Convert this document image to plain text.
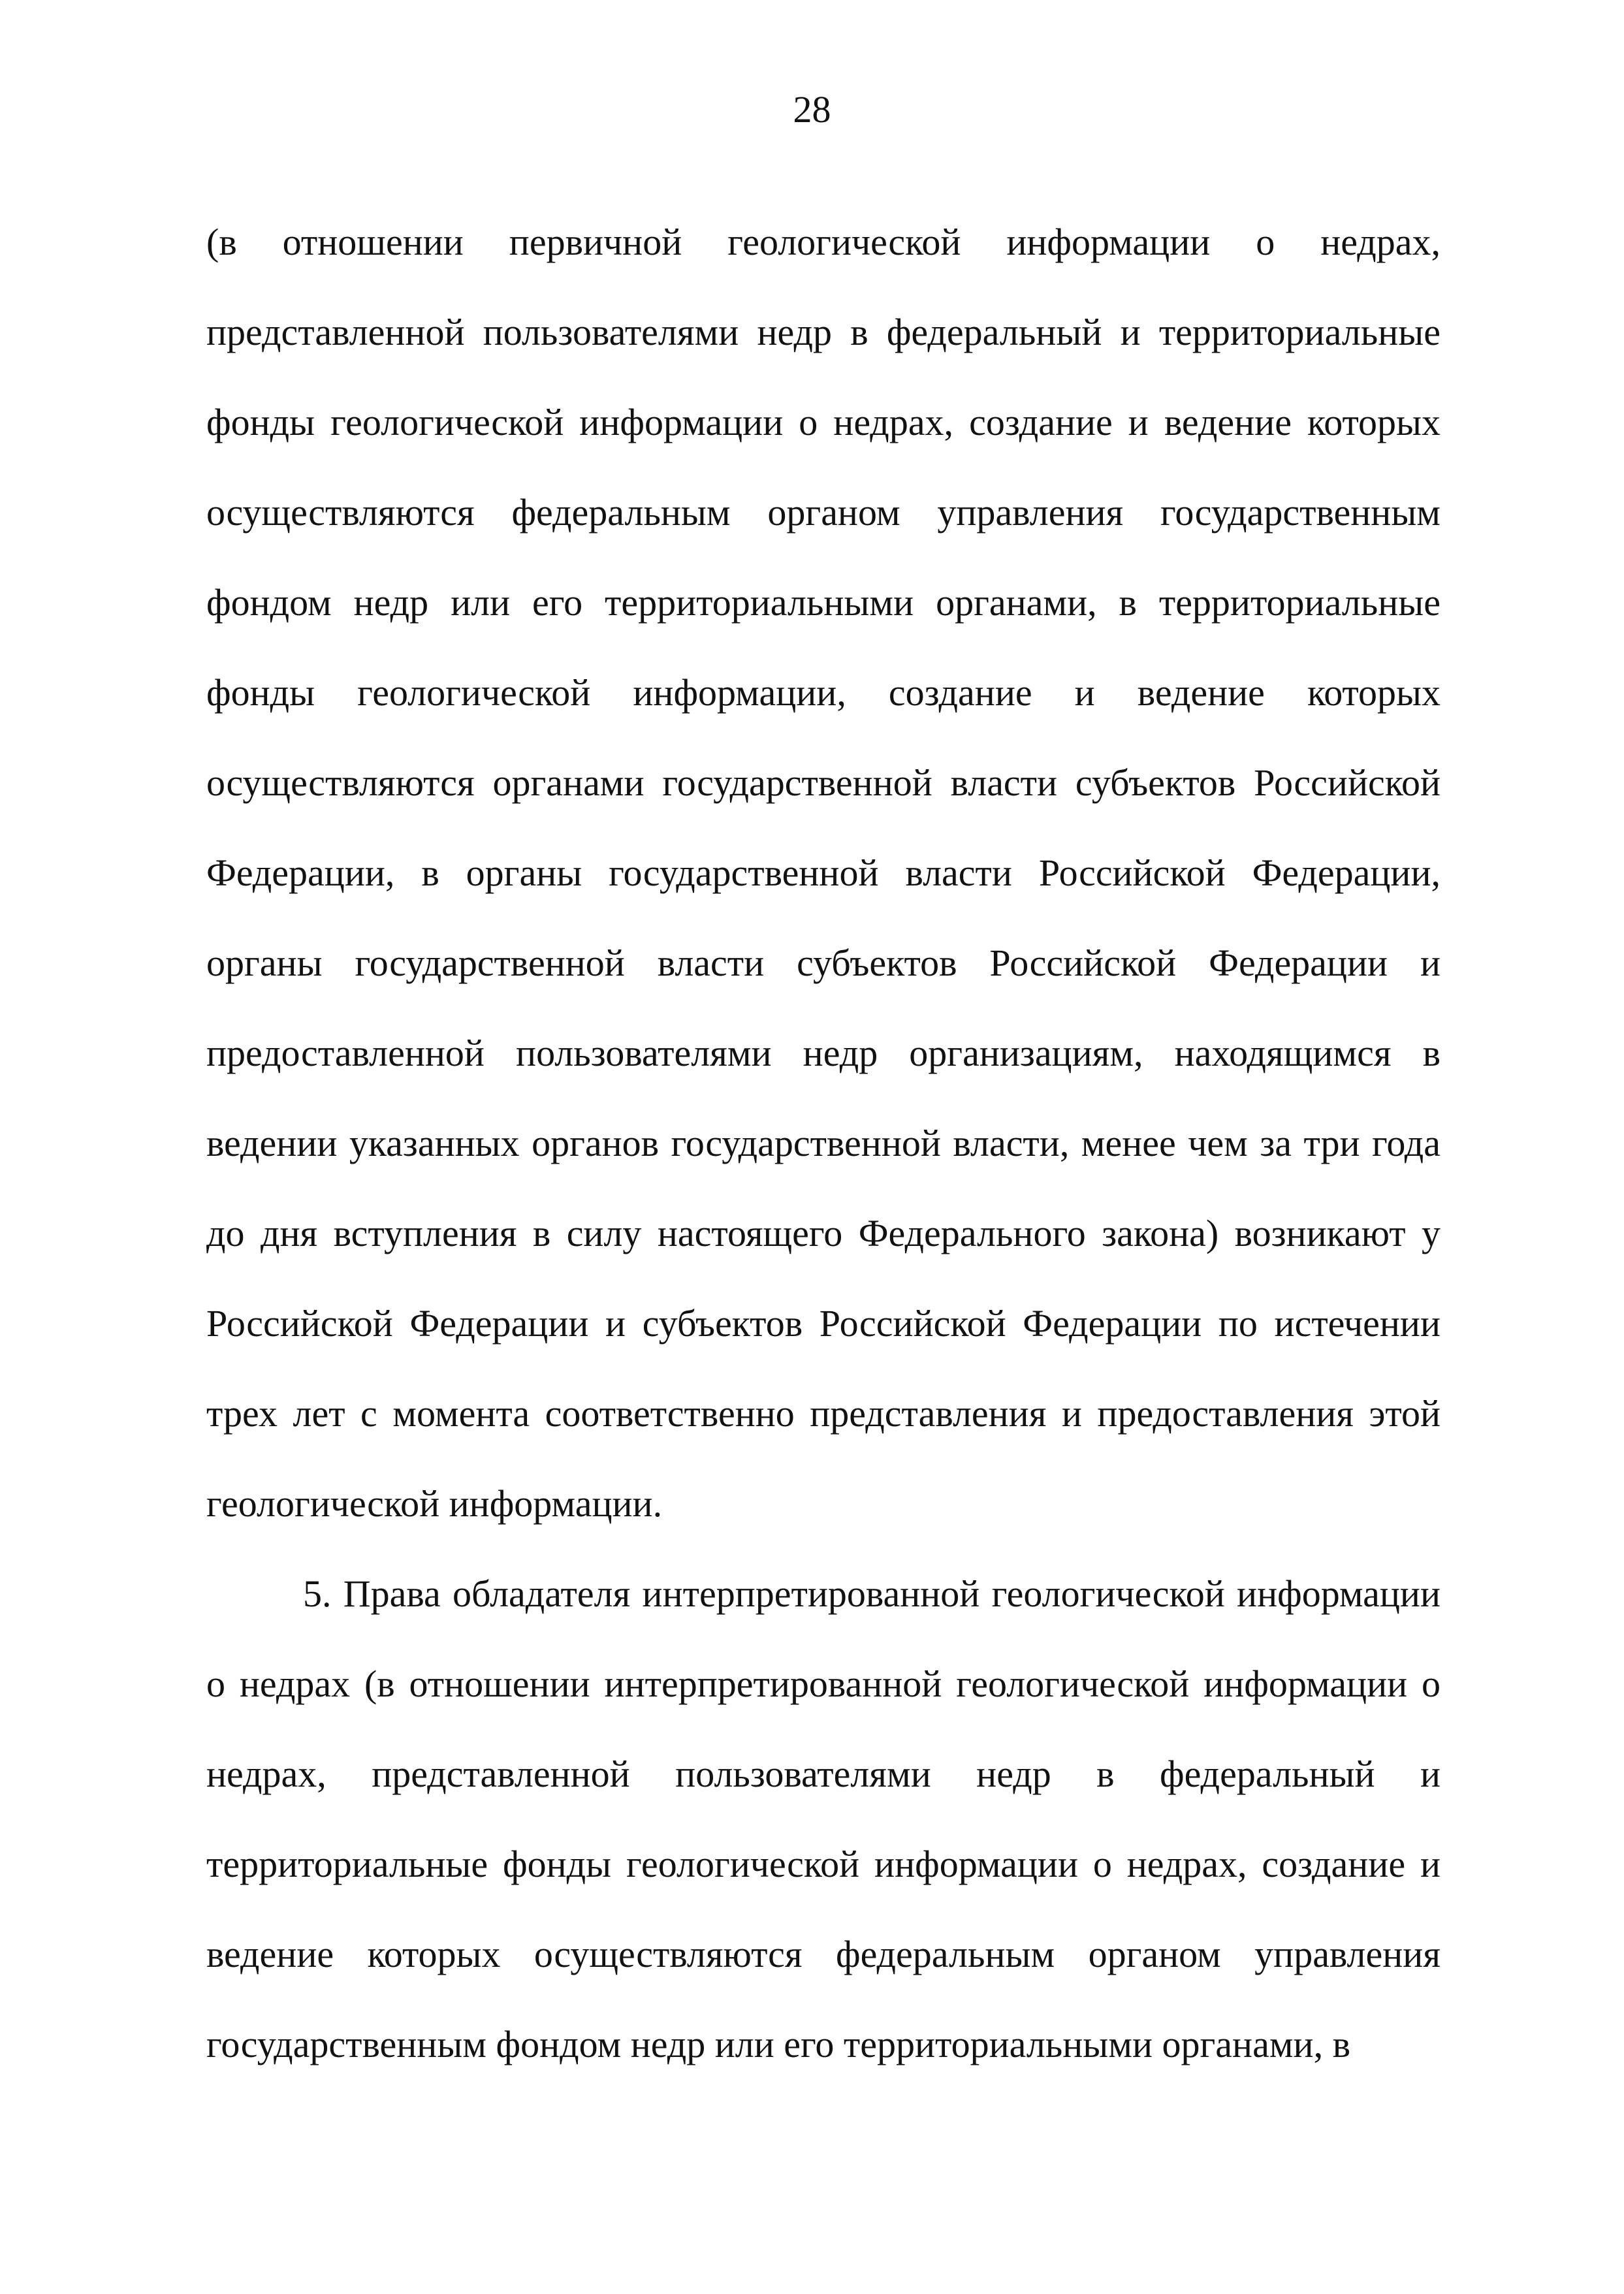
28

(в отношении первичной геологической информации о недрах, представленной пользователями недр в федеральный и территориальные фонды геологической информации о недрах, создание и ведение которых осуществляются федеральным органом управления государственным фондом недр или его территориальными органами, в территориальные фонды геологической информации, создание и ведение которых осуществляются органами государственной власти субъектов Российской Федерации, в органы государственной власти Российской Федерации, органы государственной власти субъектов Российской Федерации и предоставленной пользователями недр организациям, находящимся в ведении указанных органов государственной власти, менее чем за три года до дня вступления в силу настоящего Федерального закона) возникают у Российской Федерации и субъектов Российской Федерации по истечении трех лет с момента соответственно представления и предоставления этой геологической информации.

5. Права обладателя интерпретированной геологической информации о недрах (в отношении интерпретированной геологической информации о недрах, представленной пользователями недр в федеральный и территориальные фонды геологической информации о недрах, создание и ведение которых осуществляются федеральным органом управления государственным фондом недр или его территориальными органами, в
